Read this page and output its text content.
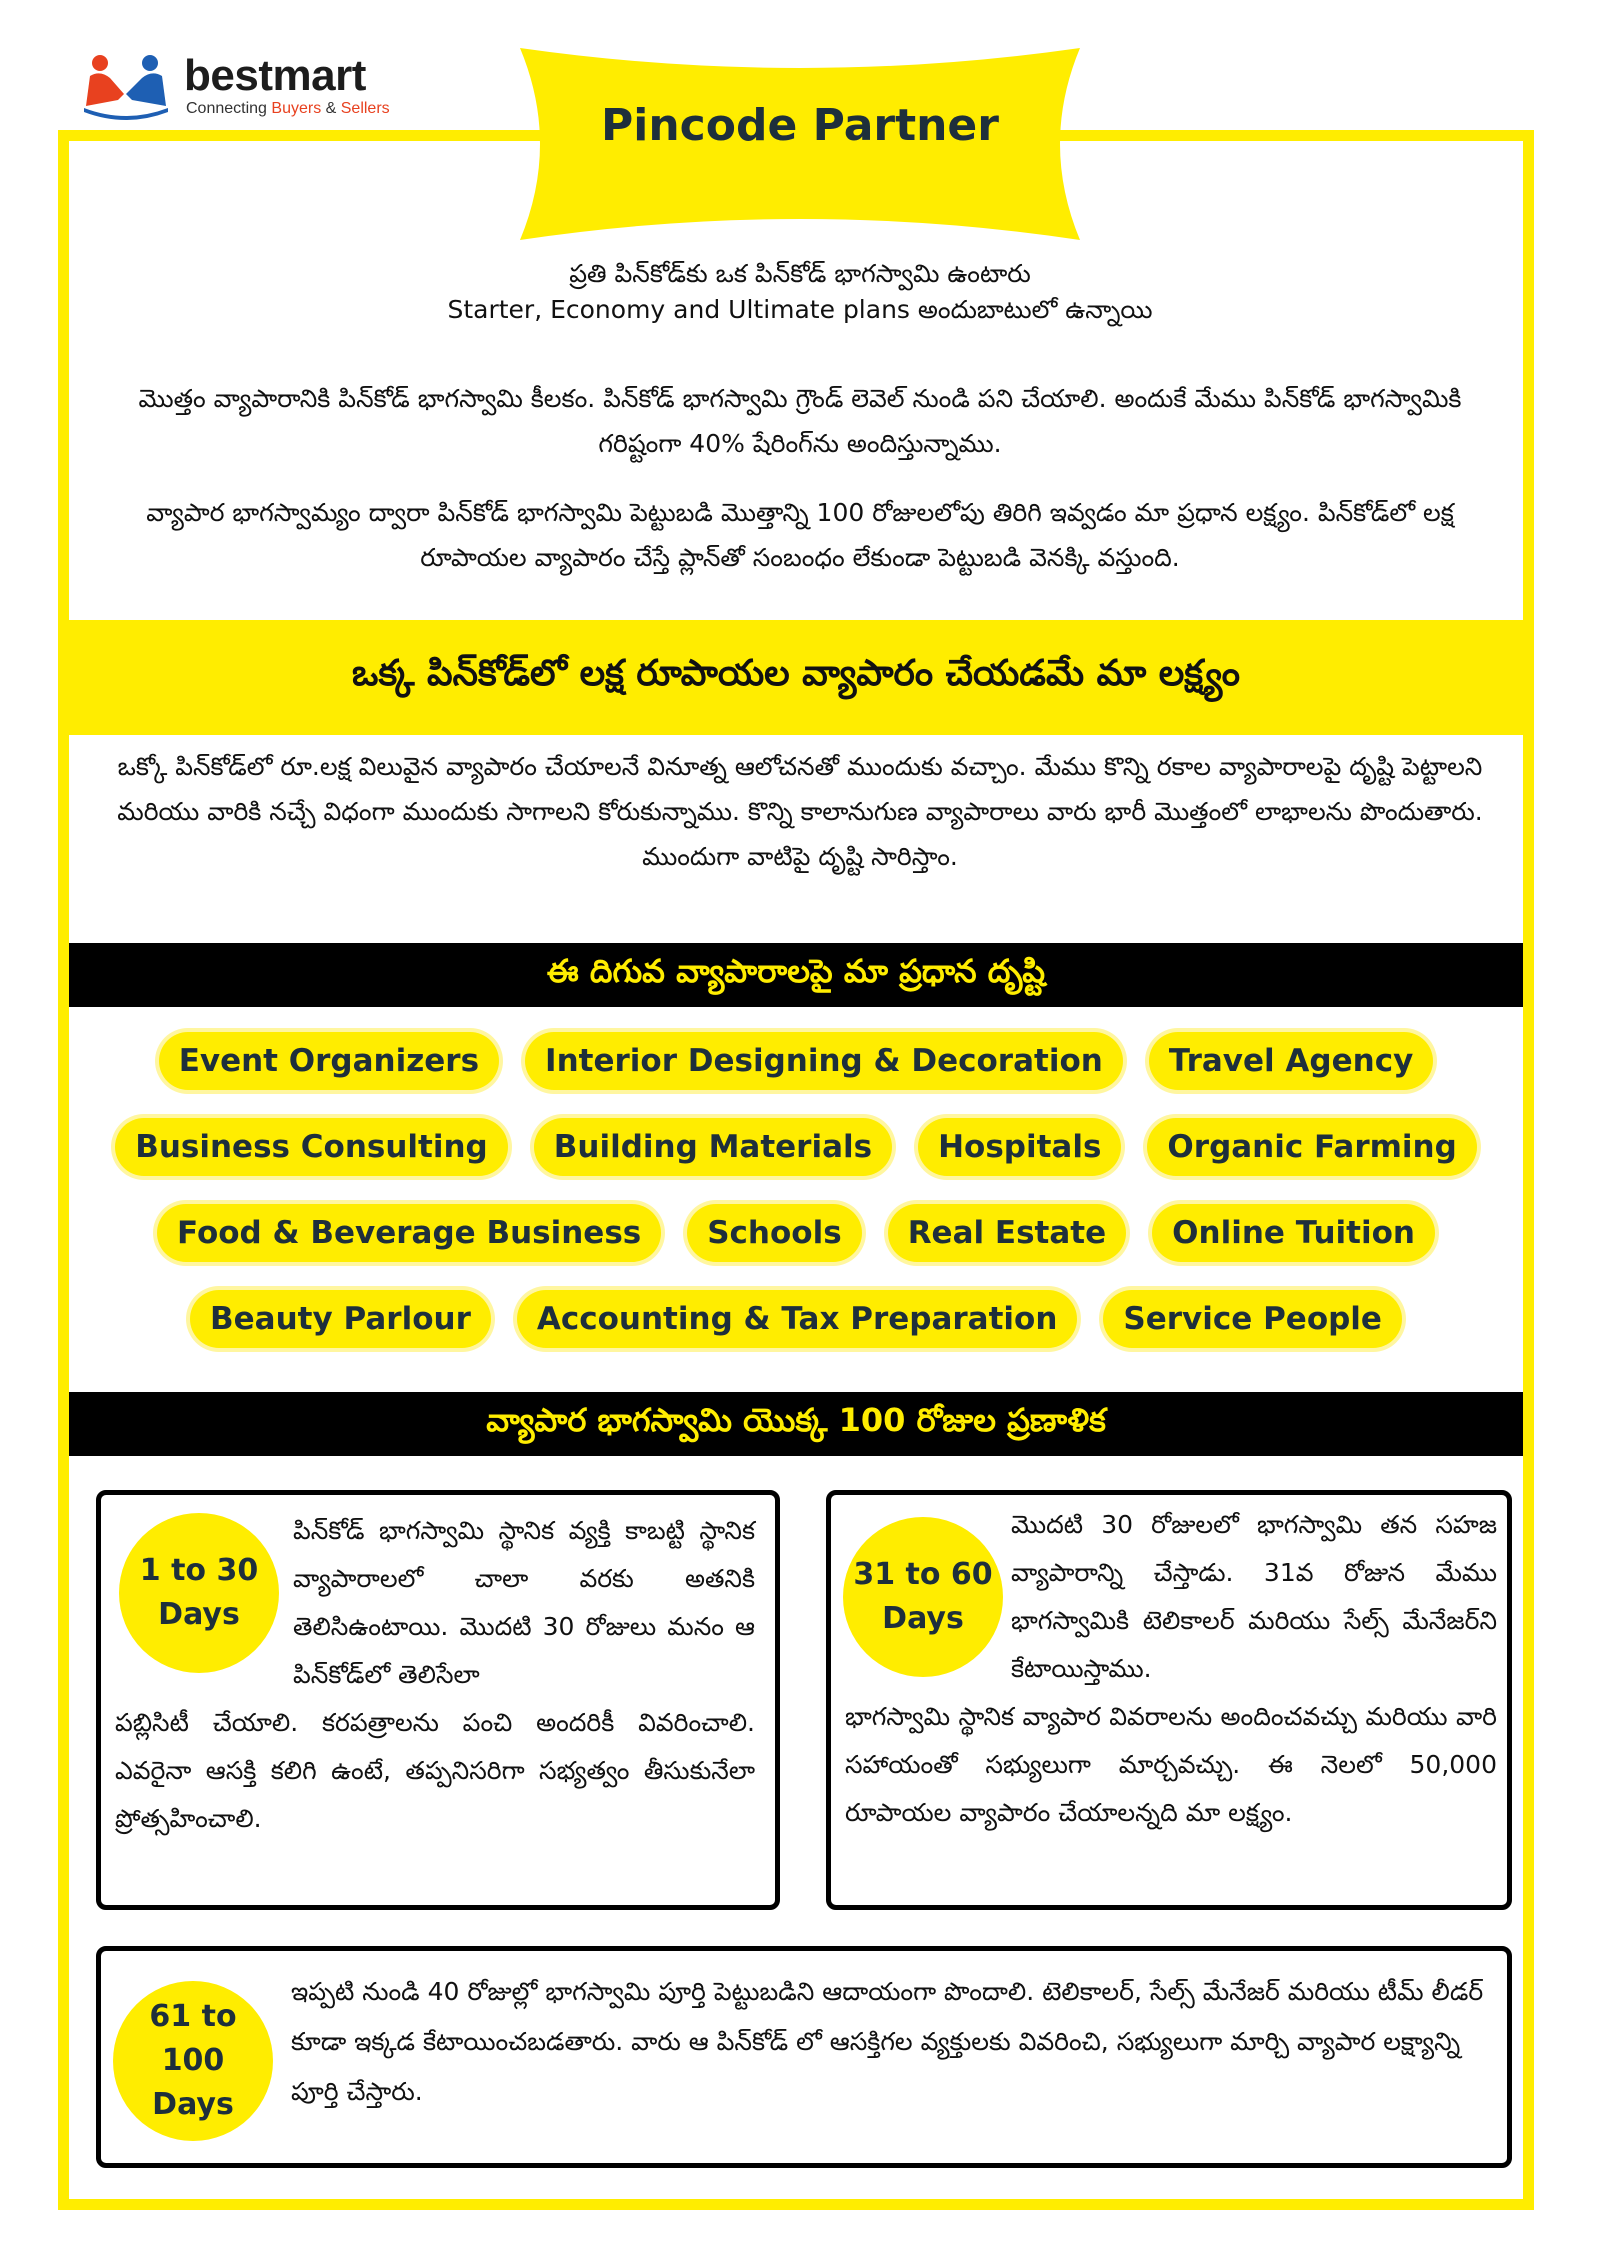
bestmart
Connecting Buyers & Sellers	Pincode Partner
ప్రతి పిన్‌కోడ్‌కు ఒక పిన్‌కోడ్ భాగస్వామి ఉంటారు
Starter, Economy and Ultimate plans అందుబాటులో ఉన్నాయి
మొత్తం వ్యాపారానికి పిన్‌కోడ్ భాగస్వామి కీలకం. పిన్‌కోడ్ భాగస్వామి గ్రౌండ్ లెవెల్ నుండి పని చేయాలి. అందుకే మేము పిన్‌కోడ్ భాగస్వామికి గరిష్టంగా 40% షేరింగ్‌ను అందిస్తున్నాము.
వ్యాపార భాగస్వామ్యం ద్వారా పిన్‌కోడ్ భాగస్వామి పెట్టుబడి మొత్తాన్ని 100 రోజులలోపు తిరిగి ఇవ్వడం మా ప్రధాన లక్ష్యం. పిన్‌కోడ్‌లో లక్ష రూపాయల వ్యాపారం చేస్తే ప్లాన్‌తో సంబంధం లేకుండా పెట్టుబడి వెనక్కి వస్తుంది.
ఒక్క పిన్‌కోడ్‌లో లక్ష రూపాయల వ్యాపారం చేయడమే మా లక్ష్యం
ఒక్కో పిన్‌కోడ్‌లో రూ.లక్ష విలువైన వ్యాపారం చేయాలనే వినూత్న ఆలోచనతో ముందుకు వచ్చాం. మేము కొన్ని రకాల వ్యాపారాలపై దృష్టి పెట్టాలని మరియు వారికి నచ్చే విధంగా ముందుకు సాగాలని కోరుకున్నాము. కొన్ని కాలానుగుణ వ్యాపారాలు వారు భారీ మొత్తంలో లాభాలను పొందుతారు. ముందుగా వాటిపై దృష్టి సారిస్తాం.
ఈ దిగువ వ్యాపారాలపై మా ప్రధాన దృష్టి
Event Organizers	Interior Designing & Decoration	Travel Agency
Business Consulting	Building Materials	Hospitals	Organic Farming
Food & Beverage Business	Schools	Real Estate	Online Tuition
Beauty Parlour	Accounting & Tax Preparation	Service People
వ్యాపార భాగస్వామి యొక్క 100 రోజుల ప్రణాళిక
1 to 30
Days
పిన్‌కోడ్ భాగస్వామి స్థానిక వ్యక్తి కాబట్టి స్థానిక వ్యాపారాలలో చాలా వరకు అతనికి తెలిసిఉంటాయి. మొదటి 30 రోజులు మనం ఆ పిన్‌కోడ్‌లో తెలిసేలా
పబ్లిసిటీ చేయాలి. కరపత్రాలను పంచి అందరికీ వివరించాలి. ఎవరైనా ఆసక్తి కలిగి ఉంటే, తప్పనిసరిగా సభ్యత్వం తీసుకునేలా ప్రోత్సహించాలి.
31 to 60
Days
మొదటి 30 రోజులలో భాగస్వామి తన సహజ వ్యాపారాన్ని చేస్తాడు. 31వ రోజున మేము భాగస్వామికి టెలికాలర్ మరియు సేల్స్ మేనేజర్‌ని కేటాయిస్తాము.
భాగస్వామి స్థానిక వ్యాపార వివరాలను అందించవచ్చు మరియు వారి సహాయంతో సభ్యులుగా మార్చవచ్చు. ఈ నెలలో 50,000 రూపాయల వ్యాపారం చేయాలన్నది మా లక్ష్యం.
61 to 100
Days
ఇప్పటి నుండి 40 రోజుల్లో భాగస్వామి పూర్తి పెట్టుబడిని ఆదాయంగా పొందాలి. టెలికాలర్, సేల్స్ మేనేజర్ మరియు టీమ్ లీడర్ కూడా ఇక్కడ కేటాయించబడతారు. వారు ఆ పిన్‌కోడ్ లో ఆసక్తిగల వ్యక్తులకు వివరించి, సభ్యులుగా మార్చి వ్యాపార లక్ష్యాన్ని పూర్తి చేస్తారు.
